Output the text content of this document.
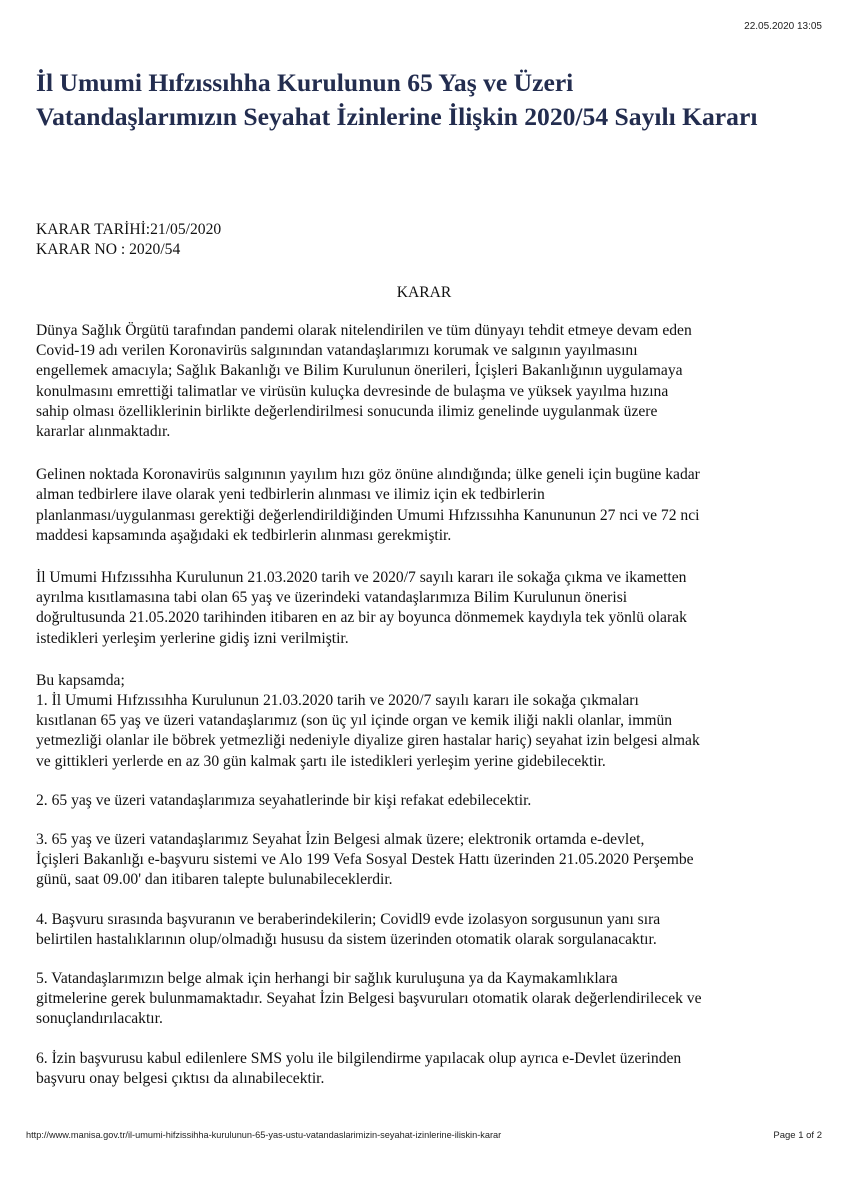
22.05.2020 13:05
İl Umumi Hıfzıssıhha Kurulunun 65 Yaş ve Üzeri
Vatandaşlarımızın Seyahat İzinlerine İlişkin 2020/54 Sayılı Kararı
KARAR TARİHİ:21/05/2020
KARAR NO : 2020/54
KARAR

Dünya Sağlık Örgütü tarafından pandemi olarak nitelendirilen ve tüm dünyayı tehdit etmeye devam eden
Covid-19 adı verilen Koronavirüs salgınından vatandaşlarımızı korumak ve salgının yayılmasını
engellemek amacıyla; Sağlık Bakanlığı ve Bilim Kurulunun önerileri, İçişleri Bakanlığının uygulamaya
konulmasını emrettiği talimatlar ve virüsün kuluçka devresinde de bulaşma ve yüksek yayılma hızına
sahip olması özelliklerinin birlikte değerlendirilmesi sonucunda ilimiz genelinde uygulanmak üzere
kararlar alınmaktadır.

Gelinen noktada Koronavirüs salgınının yayılım hızı göz önüne alındığında; ülke geneli için bugüne kadar
alman tedbirlere ilave olarak yeni tedbirlerin alınması ve ilimiz için ek tedbirlerin
planlanması/uygulanması gerektiği değerlendirildiğinden Umumi Hıfzıssıhha Kanununun 27 nci ve 72 nci
maddesi kapsamında aşağıdaki ek tedbirlerin alınması gerekmiştir.

İl Umumi Hıfzıssıhha Kurulunun 21.03.2020 tarih ve 2020/7 sayılı kararı ile sokağa çıkma ve ikametten
ayrılma kısıtlamasına tabi olan 65 yaş ve üzerindeki vatandaşlarımıza Bilim Kurulunun önerisi
doğrultusunda 21.05.2020 tarihinden itibaren en az bir ay boyunca dönmemek kaydıyla tek yönlü olarak
istedikleri yerleşim yerlerine gidiş izni verilmiştir.

Bu kapsamda;

1. İl Umumi Hıfzıssıhha Kurulunun 21.03.2020 tarih ve 2020/7 sayılı kararı ile sokağa çıkmaları
kısıtlanan 65 yaş ve üzeri vatandaşlarımız (son üç yıl içinde organ ve kemik iliği nakli olanlar, immün
yetmezliği olanlar ile böbrek yetmezliği nedeniyle diyalize giren hastalar hariç) seyahat izin belgesi almak
ve gittikleri yerlerde en az 30 gün kalmak şartı ile istedikleri yerleşim yerine gidebilecektir.

2. 65 yaş ve üzeri vatandaşlarımıza seyahatlerinde bir kişi refakat edebilecektir.

3. 65 yaş ve üzeri vatandaşlarımız Seyahat İzin Belgesi almak üzere; elektronik ortamda e-devlet,
İçişleri Bakanlığı e-başvuru sistemi ve Alo 199 Vefa Sosyal Destek Hattı üzerinden 21.05.2020 Perşembe
günü, saat 09.00' dan itibaren talepte bulunabileceklerdir.

4. Başvuru sırasında başvuranın ve beraberindekilerin; Covidl9 evde izolasyon sorgusunun yanı sıra
belirtilen hastalıklarının olup/olmadığı hususu da sistem üzerinden otomatik olarak sorgulanacaktır.

5. Vatandaşlarımızın belge almak için herhangi bir sağlık kuruluşuna ya da Kaymakamlıklara
gitmelerine gerek bulunmamaktadır. Seyahat İzin Belgesi başvuruları otomatik olarak değerlendirilecek ve
sonuçlandırılacaktır.

6. İzin başvurusu kabul edilenlere SMS yolu ile bilgilendirme yapılacak olup ayrıca e-Devlet üzerinden
başvuru onay belgesi çıktısı da alınabilecektir.

http://www.manisa.gov.tr/il-umumi-hifzissihha-kurulunun-65-yas-ustu-vatandaslarimizin-seyahat-izinlerine-iliskin-karar	Page 1 of 2
